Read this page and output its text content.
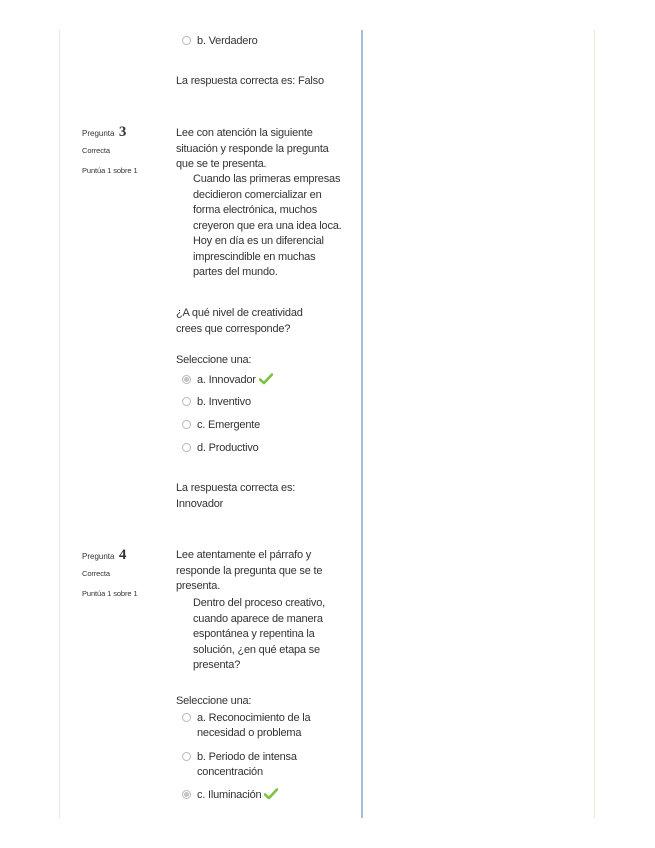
b. Verdadero
La respuesta correcta es: Falso
Pregunta 3
Correcta
Puntúa 1 sobre 1
Lee con atención la siguiente situación y responde la pregunta que se te presenta.
Cuando las primeras empresas decidieron comercializar en forma electrónica, muchos creyeron que era una idea loca. Hoy en día es un diferencial imprescindible en muchas partes del mundo.
¿A qué nivel de creatividad crees que corresponde?
Seleccione una:
a. Innovador
b. Inventivo
c. Emergente
d. Productivo
La respuesta correcta es: Innovador
Pregunta 4
Correcta
Puntúa 1 sobre 1
Lee atentamente el párrafo y responde la pregunta que se te presenta.
Dentro del proceso creativo, cuando aparece de manera espontánea y repentina la solución, ¿en qué etapa se presenta?
Seleccione una:
a. Reconocimiento de la necesidad o problema
b. Periodo de intensa concentración
c. Iluminación
